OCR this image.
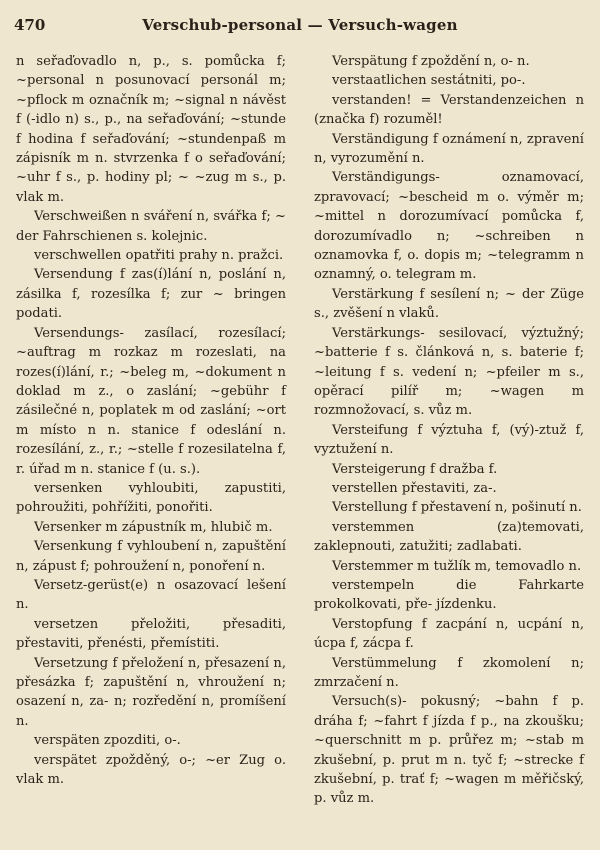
470	Verschub-personal — Versuch-wagen

n seřaďovadlo n, p., s. pomůcka f; ~personal n posunovací personál m; ~pflock m označník m; ~signal n návěst f (-idlo n) s., p., na seřaďování; ~stunde f hodina f seřaďování; ~stundenpaß m zápisník m n. stvrzenka f o seřaďování; ~uhr f s., p. hodiny pl; ~ ~zug m s., p. vlak m.

Verschweißen n sváření n, svářka f; ~ der Fahrschienen s. kolejnic.

verschwellen opatřiti prahy n. pražci.

Versendung f zas(í)lání n, poslání n, zásilka f, rozesílka f; zur ~ bringen podati.

Versendungs- zasílací, rozesílací; ~auftrag m rozkaz m rozeslati, na rozes(í)lání, r.; ~beleg m, ~dokument n doklad m z., o zaslání; ~gebühr f zásilečné n, poplatek m od zaslání; ~ort m místo n n. stanice f odeslání n. rozesílání, z., r.; ~stelle f rozesilatelna f, r. úřad m n. stanice f (u. s.).

versenken vyhloubiti, zapustiti, pohroužiti, pohřížiti, ponořiti.

Versenker m zápustník m, hlubič m.

Versenkung f vyhloubení n, zapuštění n, zápust f; pohroužení n, ponoření n.

Versetz-gerüst(e) n osazovací lešení n.

versetzen přeložiti, přesaditi, přestaviti, přenésti, přemístiti.

Versetzung f přeložení n, přesazení n, přesázka f; zapuštění n, vhroužení n; osazení n, za- n; rozředění n, promíšení n.

verspäten zpozditi, o-.

verspätet zpožděný, o-; ~er Zug o. vlak m.

Verspätung f zpoždění n, o- n.

verstaatlichen sestátniti, po-.

verstanden! = Verstandenzeichen n (značka f) rozuměl!

Verständigung f oznámení n, zpravení n, vyrozumění n.

Verständigungs- oznamovací, zpravovací; ~bescheid m o. výměr m; ~mittel n dorozumívací pomůcka f, dorozumívadlo n; ~schreiben n oznamovka f, o. dopis m; ~telegramm n oznamný, o. telegram m.

Verstärkung f sesílení n; ~ der Züge s., zvěšení n vlaků.

Verstärkungs- sesilovací, výztužný; ~batterie f s. článková n, s. baterie f; ~leitung f s. vedení n; ~pfeiler m s., opěrací pilíř m; ~wagen m rozmnožovací, s. vůz m.

Versteifung f výztuha f, (vý)-ztuž f, vyztužení n.

Versteigerung f dražba f.

verstellen přestaviti, za-.

Verstellung f přestavení n, pošinutí n.

verstemmen (za)temovati, zaklepnouti, zatužiti; zadlabati.

Verstemmer m tužlík m, temovadlo n.

verstempeln die Fahrkarte prokolkovati, pře- jízdenku.

Verstopfung f zacpání n, ucpání n, úcpa f, zácpa f.

Verstümmelung f zkomolení n; zmrzačení n.

Versuch(s)- pokusný; ~bahn f p. dráha f; ~fahrt f jízda f p., na zkoušku; ~querschnitt m p. průřez m; ~stab m zkušební, p. prut m n. tyč f; ~strecke f zkušební, p. trať f; ~wagen m měřičský, p. vůz m.
